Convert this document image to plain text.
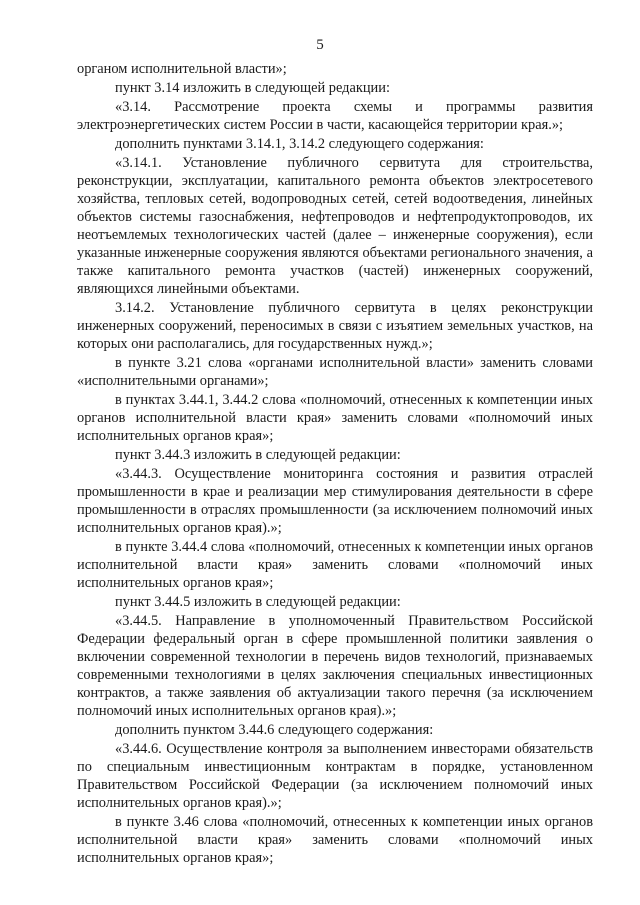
5

органом исполнительной власти»;

пункт 3.14 изложить в следующей редакции:

«3.14. Рассмотрение проекта схемы и программы развития электроэнергетических систем России в части, касающейся территории края.»;

дополнить пунктами 3.14.1, 3.14.2 следующего содержания:

«3.14.1. Установление публичного сервитута для строительства, реконструкции, эксплуатации, капитального ремонта объектов электросетевого хозяйства, тепловых сетей, водопроводных сетей, сетей водоотведения, линейных объектов системы газоснабжения, нефтепроводов и нефтепродуктопроводов, их неотъемлемых технологических частей (далее – инженерные сооружения), если указанные инженерные сооружения являются объектами регионального значения, а также капитального ремонта участков (частей) инженерных сооружений, являющихся линейными объектами.

3.14.2. Установление публичного сервитута в целях реконструкции инженерных сооружений, переносимых в связи с изъятием земельных участков, на которых они располагались, для государственных нужд.»;

в пункте 3.21 слова «органами исполнительной власти» заменить словами «исполнительными органами»;

в пунктах 3.44.1, 3.44.2 слова «полномочий, отнесенных к компетенции иных органов исполнительной власти края» заменить словами «полномочий иных исполнительных органов края»;

пункт 3.44.3 изложить в следующей редакции:

«3.44.3. Осуществление мониторинга состояния и развития отраслей промышленности в крае и реализации мер стимулирования деятельности в сфере промышленности в отраслях промышленности (за исключением полномочий иных исполнительных органов края).»;

в пункте 3.44.4 слова «полномочий, отнесенных к компетенции иных органов исполнительной власти края» заменить словами «полномочий иных исполнительных органов края»;

пункт 3.44.5 изложить в следующей редакции:

«3.44.5. Направление в уполномоченный Правительством Российской Федерации федеральный орган в сфере промышленной политики заявления о включении современной технологии в перечень видов технологий, признаваемых современными технологиями в целях заключения специальных инвестиционных контрактов, а также заявления об актуализации такого перечня (за исключением полномочий иных исполнительных органов края).»;

дополнить пунктом 3.44.6 следующего содержания:

«3.44.6. Осуществление контроля за выполнением инвесторами обязательств по специальным инвестиционным контрактам в порядке, установленном Правительством Российской Федерации (за исключением полномочий иных исполнительных органов края).»;

в пункте 3.46 слова «полномочий, отнесенных к компетенции иных органов исполнительной власти края» заменить словами «полномочий иных исполнительных органов края»;
